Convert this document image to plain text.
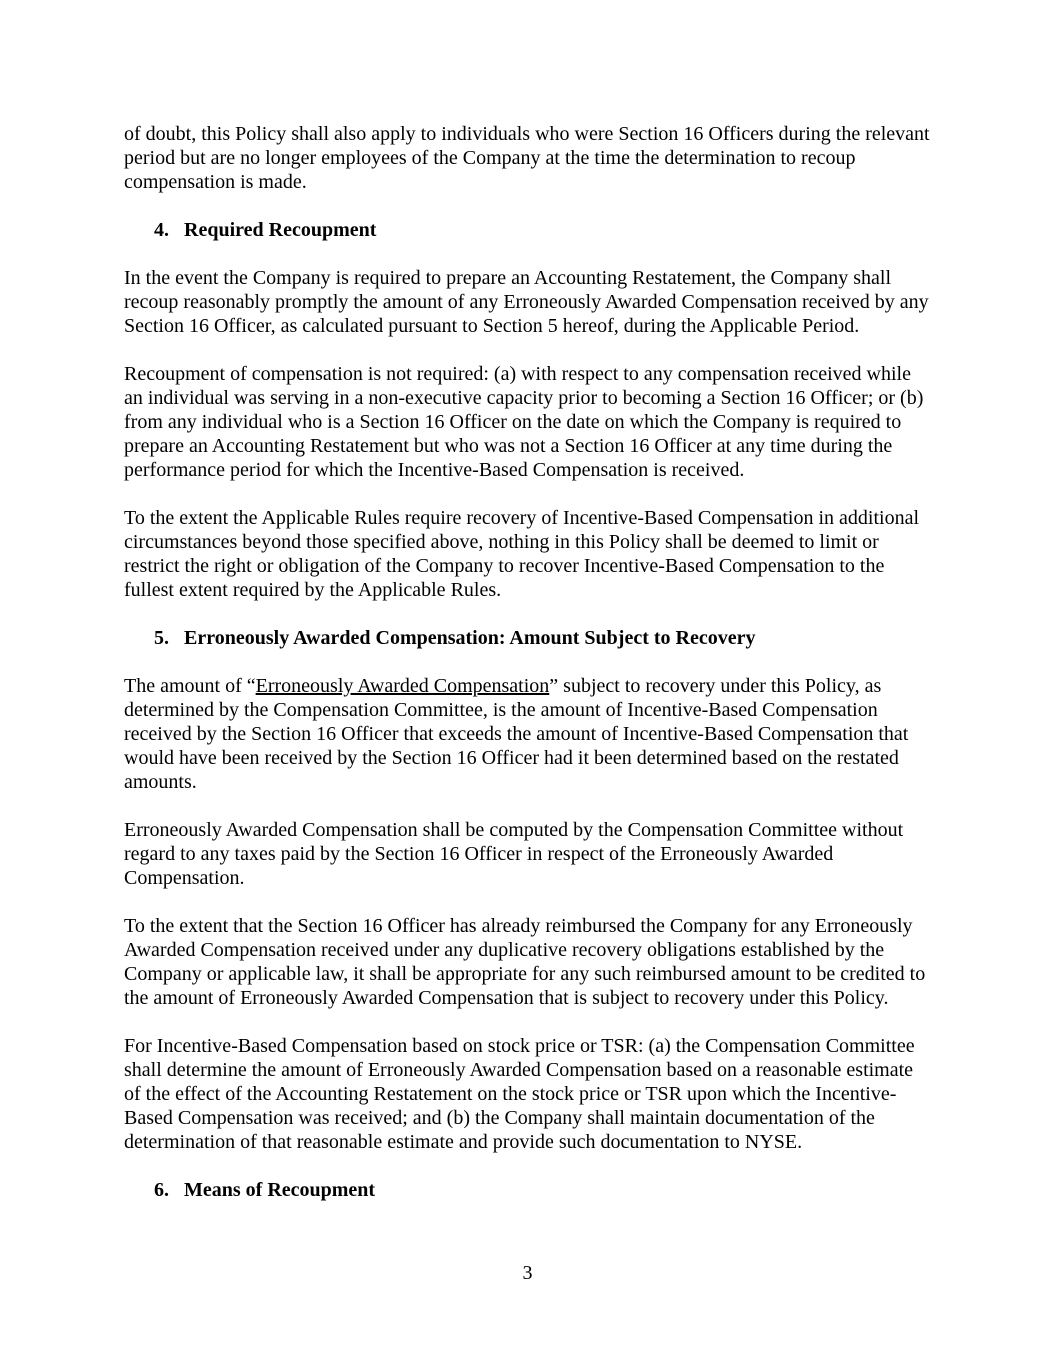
of doubt, this Policy shall also apply to individuals who were Section 16 Officers during the relevant period but are no longer employees of the Company at the time the determination to recoup compensation is made.

4. Required Recoupment

In the event the Company is required to prepare an Accounting Restatement, the Company shall recoup reasonably promptly the amount of any Erroneously Awarded Compensation received by any Section 16 Officer, as calculated pursuant to Section 5 hereof, during the Applicable Period.

Recoupment of compensation is not required: (a) with respect to any compensation received while an individual was serving in a non-executive capacity prior to becoming a Section 16 Officer; or (b) from any individual who is a Section 16 Officer on the date on which the Company is required to prepare an Accounting Restatement but who was not a Section 16 Officer at any time during the performance period for which the Incentive-Based Compensation is received.

To the extent the Applicable Rules require recovery of Incentive-Based Compensation in additional circumstances beyond those specified above, nothing in this Policy shall be deemed to limit or restrict the right or obligation of the Company to recover Incentive-Based Compensation to the fullest extent required by the Applicable Rules.

5. Erroneously Awarded Compensation: Amount Subject to Recovery

The amount of “Erroneously Awarded Compensation” subject to recovery under this Policy, as determined by the Compensation Committee, is the amount of Incentive-Based Compensation received by the Section 16 Officer that exceeds the amount of Incentive-Based Compensation that would have been received by the Section 16 Officer had it been determined based on the restated amounts.

Erroneously Awarded Compensation shall be computed by the Compensation Committee without regard to any taxes paid by the Section 16 Officer in respect of the Erroneously Awarded Compensation.

To the extent that the Section 16 Officer has already reimbursed the Company for any Erroneously Awarded Compensation received under any duplicative recovery obligations established by the Company or applicable law, it shall be appropriate for any such reimbursed amount to be credited to the amount of Erroneously Awarded Compensation that is subject to recovery under this Policy.

For Incentive-Based Compensation based on stock price or TSR: (a) the Compensation Committee shall determine the amount of Erroneously Awarded Compensation based on a reasonable estimate of the effect of the Accounting Restatement on the stock price or TSR upon which the Incentive-Based Compensation was received; and (b) the Company shall maintain documentation of the determination of that reasonable estimate and provide such documentation to NYSE.

6. Means of Recoupment
3
